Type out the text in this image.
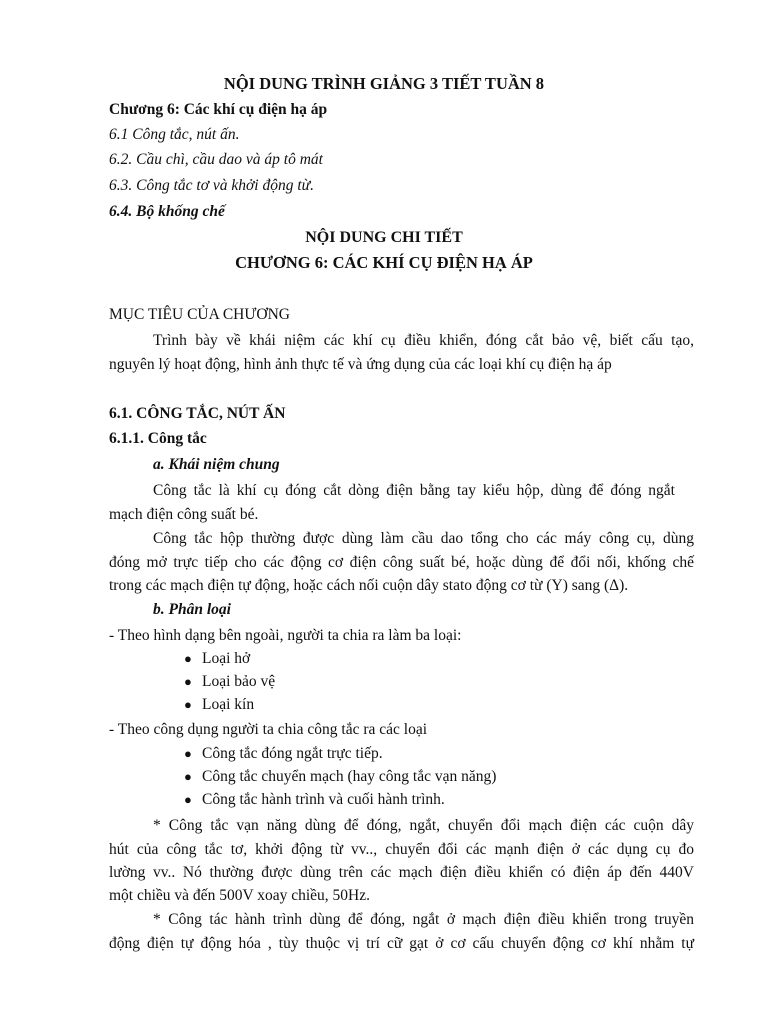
NỘI DUNG TRÌNH GIẢNG 3 TIẾT TUẦN 8
Chương 6: Các khí cụ điện hạ áp
6.1 Công tắc, nút ấn.
6.2. Cầu chì, cầu dao và áp tô mát
6.3. Công tắc tơ và khởi động từ.
6.4. Bộ khống chế
NỘI DUNG CHI TIẾT
CHƯƠNG 6: CÁC KHÍ CỤ ĐIỆN HẠ ÁP
MỤC TIÊU CỦA CHƯƠNG
Trình bày về khái niệm các khí cụ điều khiển, đóng cắt bảo vệ, biết cấu tạo,
nguyên lý hoạt động, hình ảnh thực tế và ứng dụng của các loại khí cụ điện hạ áp
6.1. CÔNG TẮC, NÚT ẤN
6.1.1. Công tắc
a. Khái niệm chung
Công tắc là khí cụ đóng cắt dòng điện bằng tay kiểu hộp, dùng để đóng ngắt
mạch điện công suất bé.
Công tắc hộp thường được dùng làm cầu dao tổng cho các máy công cụ, dùng
đóng mở trực tiếp cho các động cơ điện công suất bé, hoặc dùng để đổi nối, khống chế
trong các mạch điện tự động, hoặc cách nối cuộn dây stato động cơ từ (Y) sang (Δ).
b. Phân loại
- Theo hình dạng bên ngoài, người ta chia ra làm ba loại:
● Loại hở
● Loại bảo vệ
● Loại kín
- Theo công dụng người ta chia công tắc ra các loại
● Công tắc đóng ngắt trực tiếp.
● Công tắc chuyển mạch (hay công tắc vạn năng)
● Công tắc hành trình và cuối hành trình.
* Công tắc vạn năng dùng để đóng, ngắt, chuyển đổi mạch điện các cuộn dây
hút của công tắc tơ, khởi động từ vv.., chuyển đổi các mạnh điện ở các dụng cụ đo
lường vv.. Nó thường được dùng trên các mạch điện điều khiển có điện áp đến 440V
một chiều và đến 500V xoay chiều, 50Hz.
* Công tác hành trình dùng để đóng, ngắt ở mạch điện điều khiển trong truyền
động điện tự động hóa , tùy thuộc vị trí cữ gạt ở cơ cấu chuyển động cơ khí nhằm tự
